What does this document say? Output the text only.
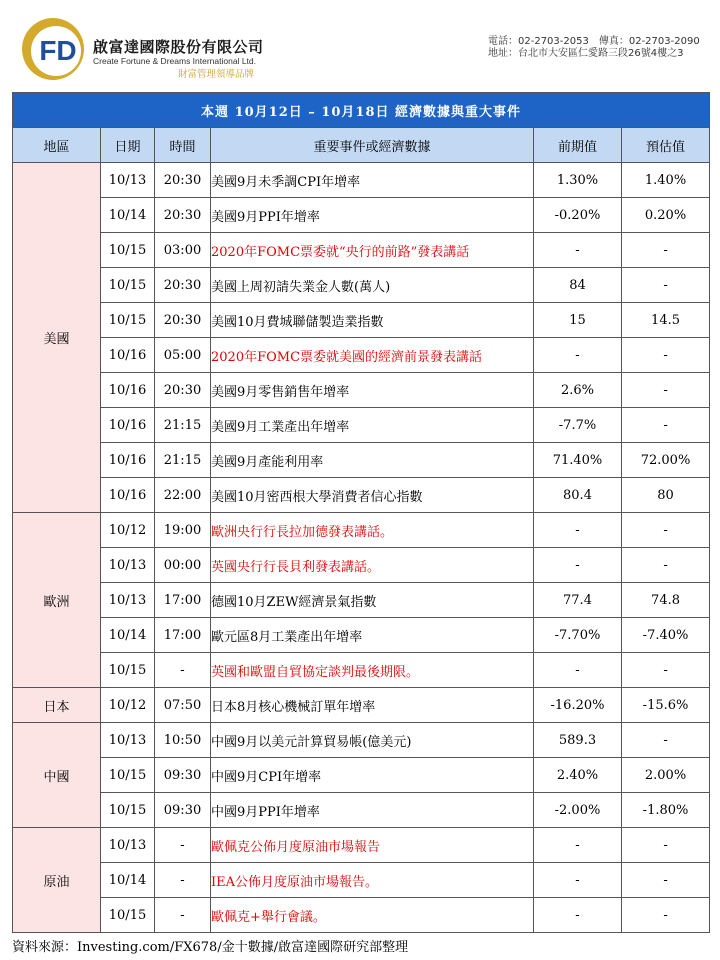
FD 啟富達國際股份有限公司
Create Fortune & Dreams International Ltd.
財富管理領導品牌
電話：02-2703-2053 傳真：02-2703-2090
地址：台北市大安區仁愛路三段26號4樓之3
本週 10月12日 – 10月18日 經濟數據與重大事件					
地區	日期	時間	重要事件或經濟數據	前期值	預估值
美國	10/13	20:30	美國9月未季調CPI年增率	1.30%	1.40%
	10/14	20:30	美國9月PPI年增率	-0.20%	0.20%
	10/15	03:00	2020年FOMC票委就“央行的前路”發表講話	-	-
	10/15	20:30	美國上周初請失業金人數(萬人)	84	-
	10/15	20:30	美國10月費城聯儲製造業指數	15	14.5
	10/16	05:00	2020年FOMC票委就美國的經濟前景發表講話	-	-
	10/16	20:30	美國9月零售銷售年增率	2.6%	-
	10/16	21:15	美國9月工業產出年增率	-7.7%	-
	10/16	21:15	美國9月產能利用率	71.40%	72.00%
	10/16	22:00	美國10月密西根大學消費者信心指數	80.4	80
歐洲	10/12	19:00	歐洲央行行長拉加德發表講話。	-	-
	10/13	00:00	英國央行行長貝利發表講話。	-	-
	10/13	17:00	德國10月ZEW經濟景氣指數	77.4	74.8
	10/14	17:00	歐元區8月工業產出年增率	-7.70%	-7.40%
	10/15	-	英國和歐盟自貿協定談判最後期限。	-	-
日本	10/12	07:50	日本8月核心機械訂單年增率	-16.20%	-15.6%
中國	10/13	10:50	中國9月以美元計算貿易帳(億美元)	589.3	-
	10/15	09:30	中國9月CPI年增率	2.40%	2.00%
	10/15	09:30	中國9月PPI年增率	-2.00%	-1.80%
原油	10/13	-	歐佩克公佈月度原油市場報告	-	-
	10/14	-	IEA公佈月度原油市場報告。	-	-
	10/15	-	歐佩克+舉行會議。	-	-
資料來源：Investing.com/FX678/金十數據/啟富達國際研究部整理
